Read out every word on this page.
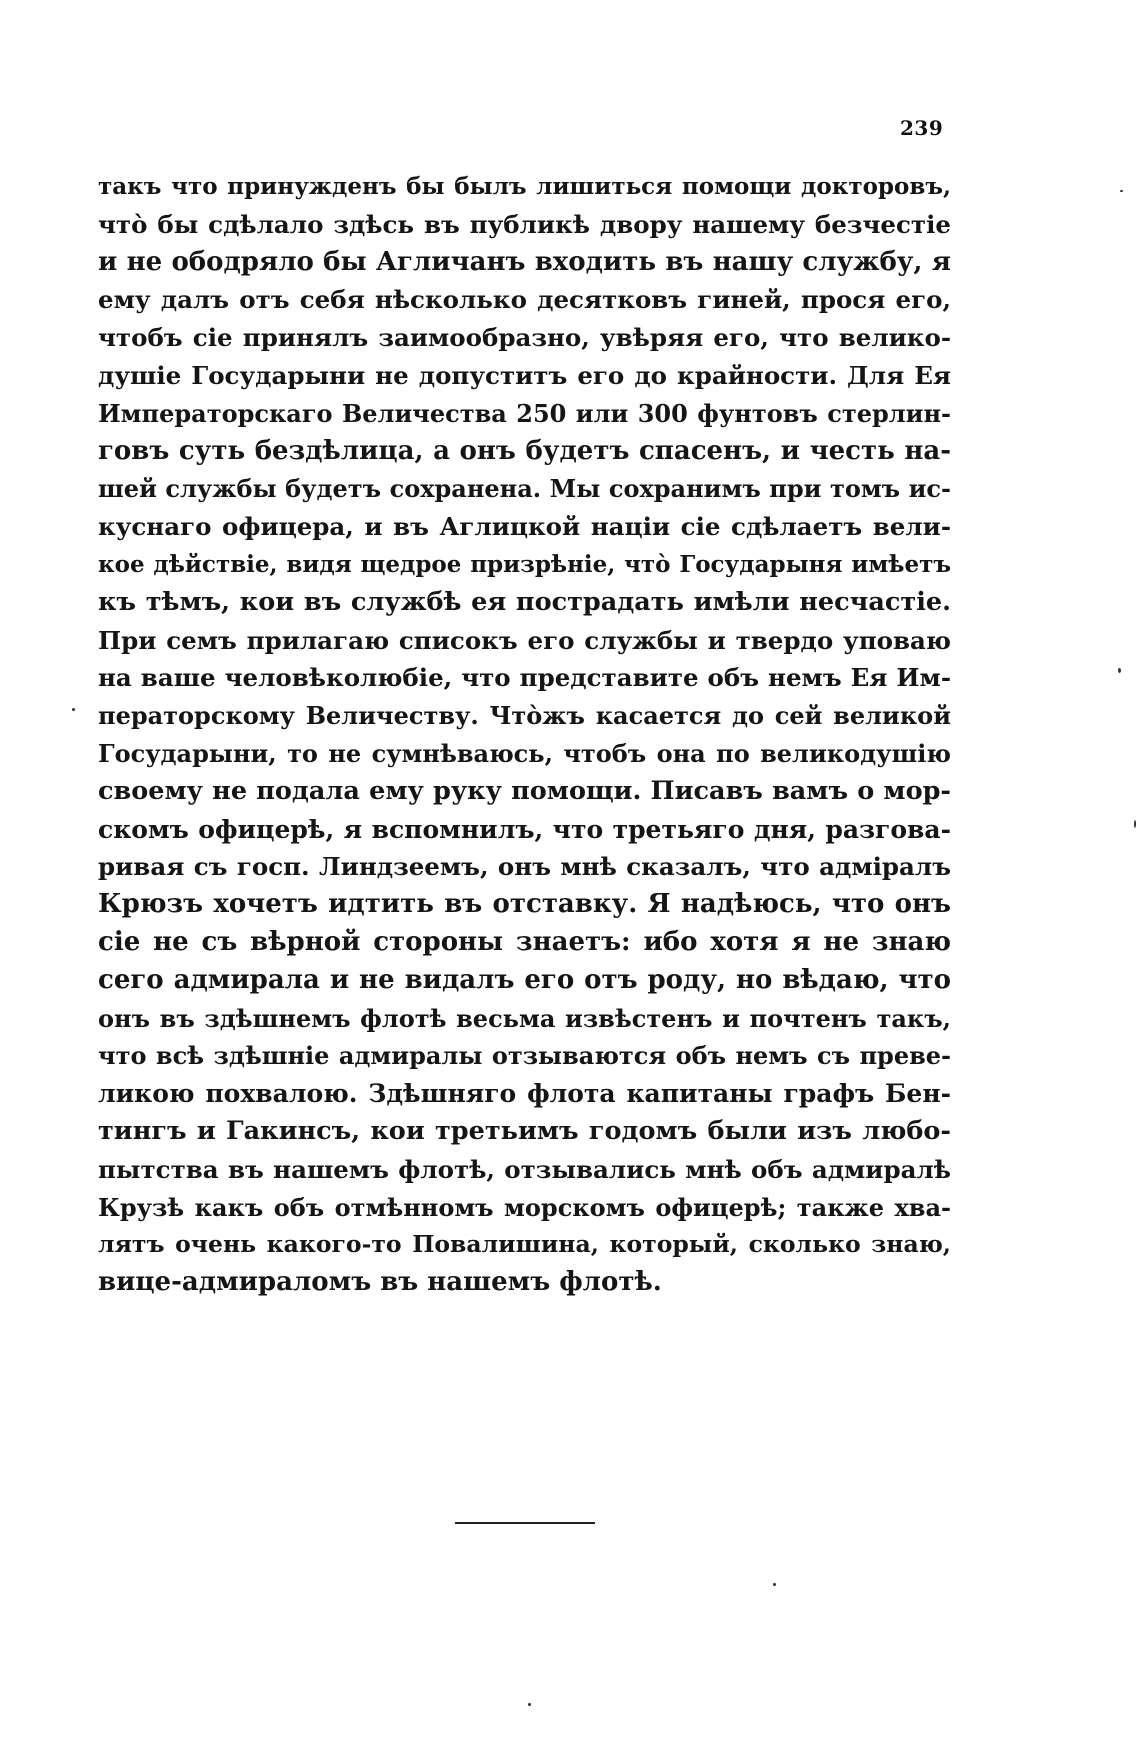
239
такъ что принужденъ бы былъ лишиться помощи докторовъ,
чтò бы сдѣлало здѣсь въ публикѣ двору нашему безчестіе
и не ободряло бы Агличанъ входить въ нашу службу, я
ему далъ отъ себя нѣсколько десятковъ гиней, прося его,
чтобъ сіе принялъ заимообразно, увѣряя его, что велико-
душіе Государыни не допуститъ его до крайности. Для Ея
Императорскаго Величества 250 или 300 фунтовъ стерлин-
говъ суть бездѣлица, а онъ будетъ спасенъ, и честь на-
шей службы будетъ сохранена. Мы сохранимъ при томъ ис-
куснаго офицера, и въ Аглицкой націи сіе сдѣлаетъ вели-
кое дѣйствіе, видя щедрое призрѣніе, чтò Государыня имѣетъ
къ тѣмъ, кои въ службѣ ея пострадать имѣли несчастіе.
При семъ прилагаю списокъ его службы и твердо уповаю
на ваше человѣколюбіе, что представите объ немъ Ея Им-
ператорскому Величеству. Чтòжъ касается до сей великой
Государыни, то не сумнѣваюсь, чтобъ она по великодушію
своему не подала ему руку помощи. Писавъ вамъ о мор-
скомъ офицерѣ, я вспомнилъ, что третьяго дня, разгова-
ривая съ госп. Линдзеемъ, онъ мнѣ сказалъ, что адміралъ
Крюзъ хочетъ идтить въ отставку. Я надѣюсь, что онъ
сіе не съ вѣрной стороны знаетъ: ибо хотя я не знаю
сего адмирала и не видалъ его отъ роду, но вѣдаю, что
онъ въ здѣшнемъ флотѣ весьма извѣстенъ и почтенъ такъ,
что всѣ здѣшніе адмиралы отзываются объ немъ съ преве-
ликою похвалою. Здѣшняго флота капитаны графъ Бен-
тингъ и Гакинсъ, кои третьимъ годомъ были изъ любо-
пытства въ нашемъ флотѣ, отзывались мнѣ объ адмиралѣ
Крузѣ какъ объ отмѣнномъ морскомъ офицерѣ; также хва-
лятъ очень какого-то Повалишина, который, сколько знаю,
вице-адмираломъ въ нашемъ флотѣ.
